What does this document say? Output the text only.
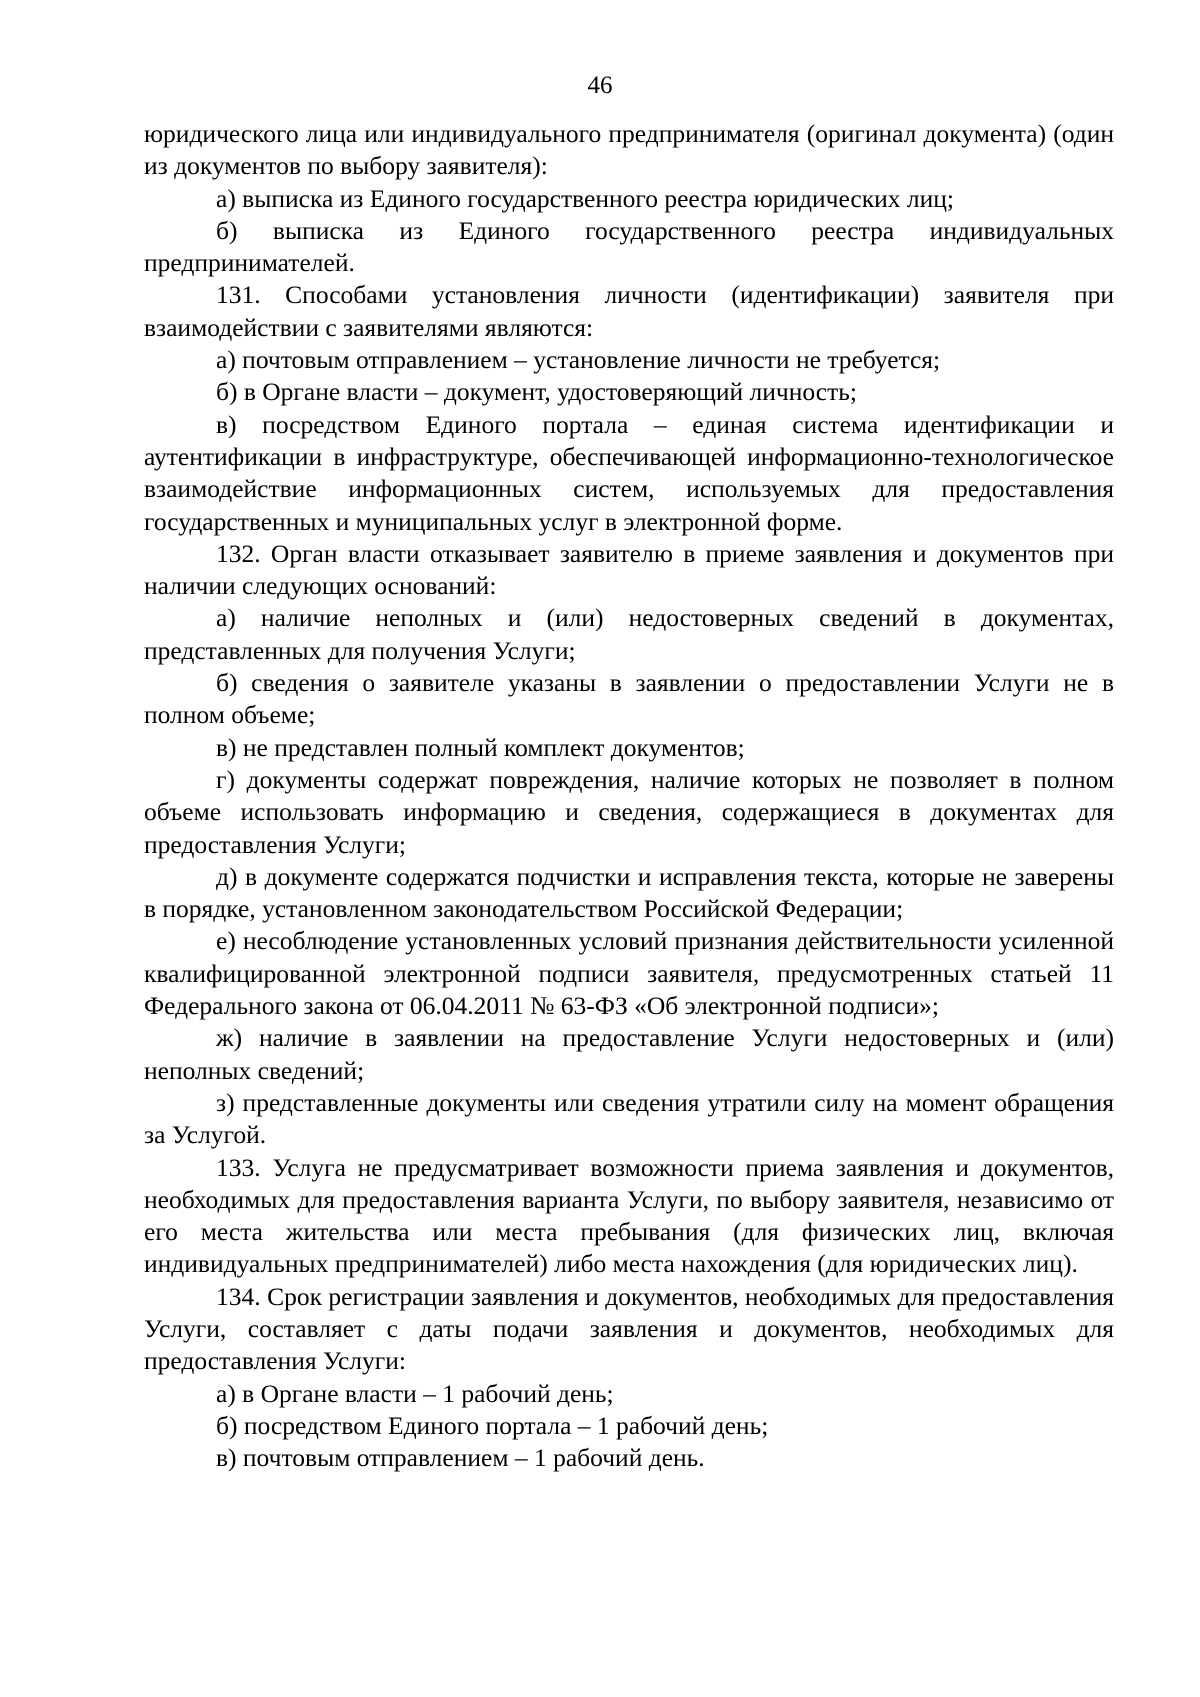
46

юридического лица или индивидуального предпринимателя (оригинал документа) (один из документов по выбору заявителя):

а) выписка из Единого государственного реестра юридических лиц;

б) выписка из Единого государственного реестра индивидуальных предпринимателей.

131. Способами установления личности (идентификации) заявителя при взаимодействии с заявителями являются:

а) почтовым отправлением – установление личности не требуется;

б) в Органе власти – документ, удостоверяющий личность;

в) посредством Единого портала – единая система идентификации и аутентификации в инфраструктуре, обеспечивающей информационно-технологическое взаимодействие информационных систем, используемых для предоставления государственных и муниципальных услуг в электронной форме.

132. Орган власти отказывает заявителю в приеме заявления и документов при наличии следующих оснований:

а) наличие неполных и (или) недостоверных сведений в документах, представленных для получения Услуги;

б) сведения о заявителе указаны в заявлении о предоставлении Услуги не в полном объеме;

в) не представлен полный комплект документов;

г) документы содержат повреждения, наличие которых не позволяет в полном объеме использовать информацию и сведения, содержащиеся в документах для предоставления Услуги;

д) в документе содержатся подчистки и исправления текста, которые не заверены в порядке, установленном законодательством Российской Федерации;

е) несоблюдение установленных условий признания действительности усиленной квалифицированной электронной подписи заявителя, предусмотренных статьей 11 Федерального закона от 06.04.2011 № 63-ФЗ «Об электронной подписи»;

ж) наличие в заявлении на предоставление Услуги недостоверных и (или) неполных сведений;

з) представленные документы или сведения утратили силу на момент обращения за Услугой.

133. Услуга не предусматривает возможности приема заявления и документов, необходимых для предоставления варианта Услуги, по выбору заявителя, независимо от его места жительства или места пребывания (для физических лиц, включая индивидуальных предпринимателей) либо места нахождения (для юридических лиц).

134. Срок регистрации заявления и документов, необходимых для предоставления Услуги, составляет с даты подачи заявления и документов, необходимых для предоставления Услуги:

а) в Органе власти – 1 рабочий день;

б) посредством Единого портала – 1 рабочий день;

в) почтовым отправлением – 1 рабочий день.
